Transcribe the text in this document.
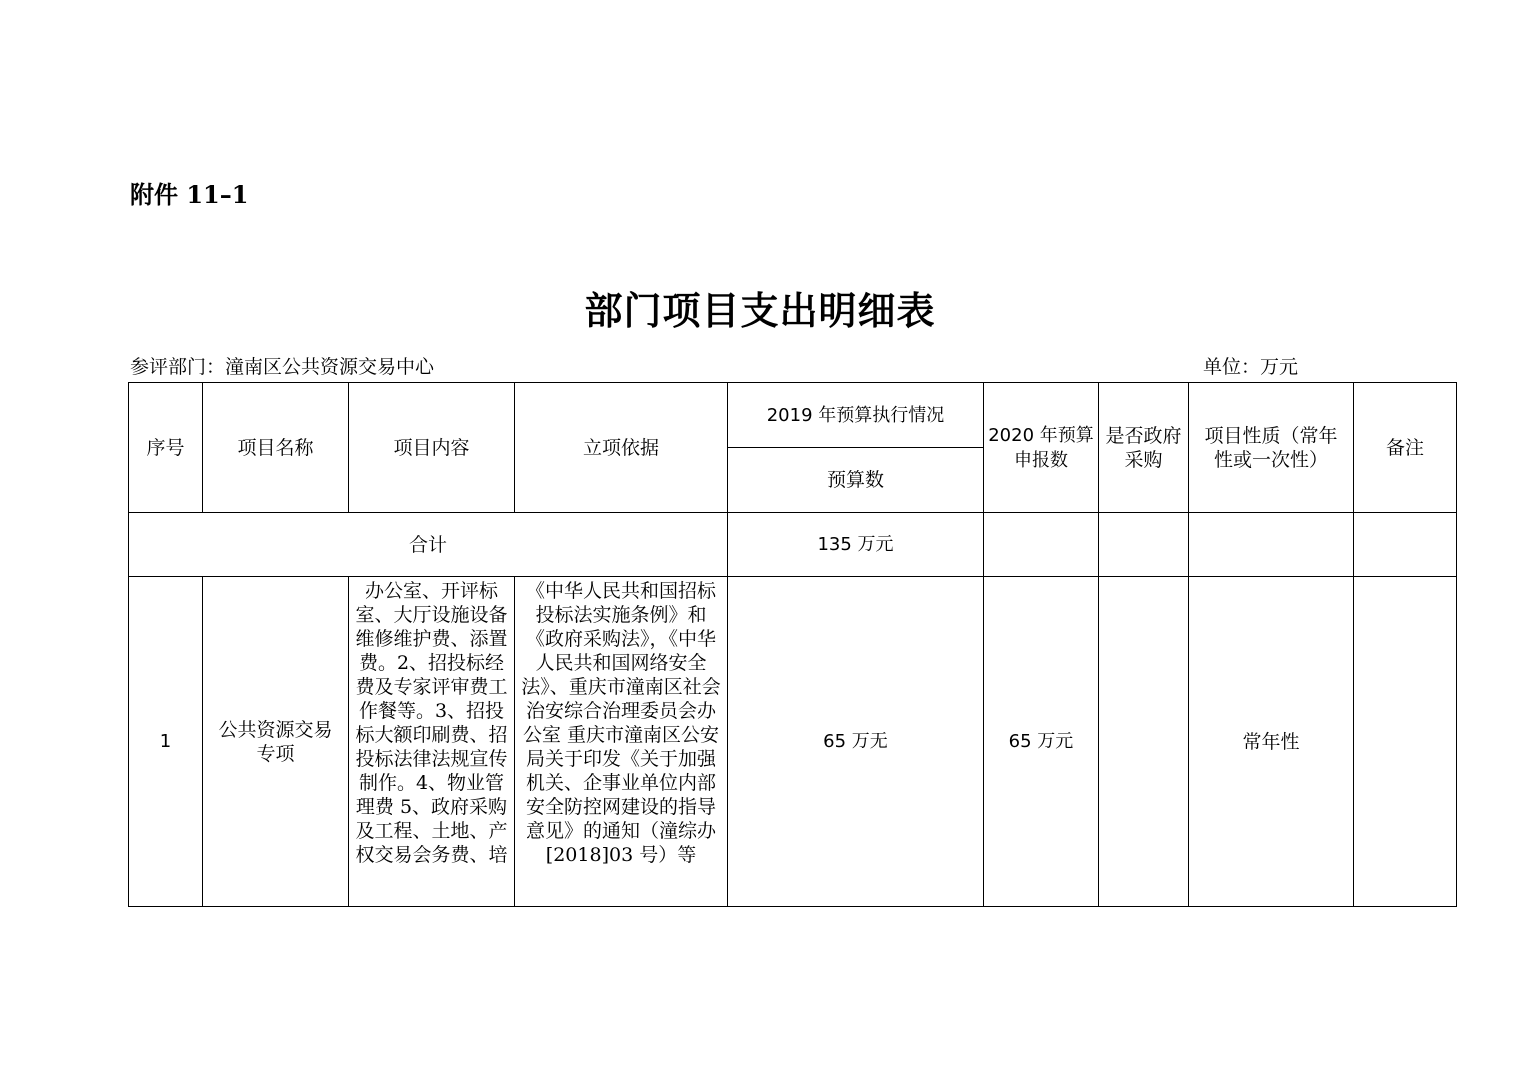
附件 11–1
部门项目支出明细表
参评部门：潼南区公共资源交易中心	单位：万元
序号	项目名称	项目内容	立项依据	2019 年预算执行情况	2020 年预算申报数	是否政府采购	项目性质（常年性或一次性）	备注
				预算数				
合计				135 万元				
1	公共资源交易专项	办公室、开评标室、大厅设施设备维修维护费、添置费。2、招投标经费及专家评审费工作餐等。3、招投标大额印刷费、招投标法律法规宣传制作。4、物业管理费 5、政府采购及工程、土地、产权交易会务费、培	《中华人民共和国招标投标法实施条例》和《政府采购法》，《中华人民共和国网络安全法》、重庆市潼南区社会治安综合治理委员会办公室 重庆市潼南区公安局关于印发《关于加强机关、企事业单位内部安全防控网建设的指导意见》的通知（潼综办[2018]03 号）等	65 万无	65 万元		常年性	
